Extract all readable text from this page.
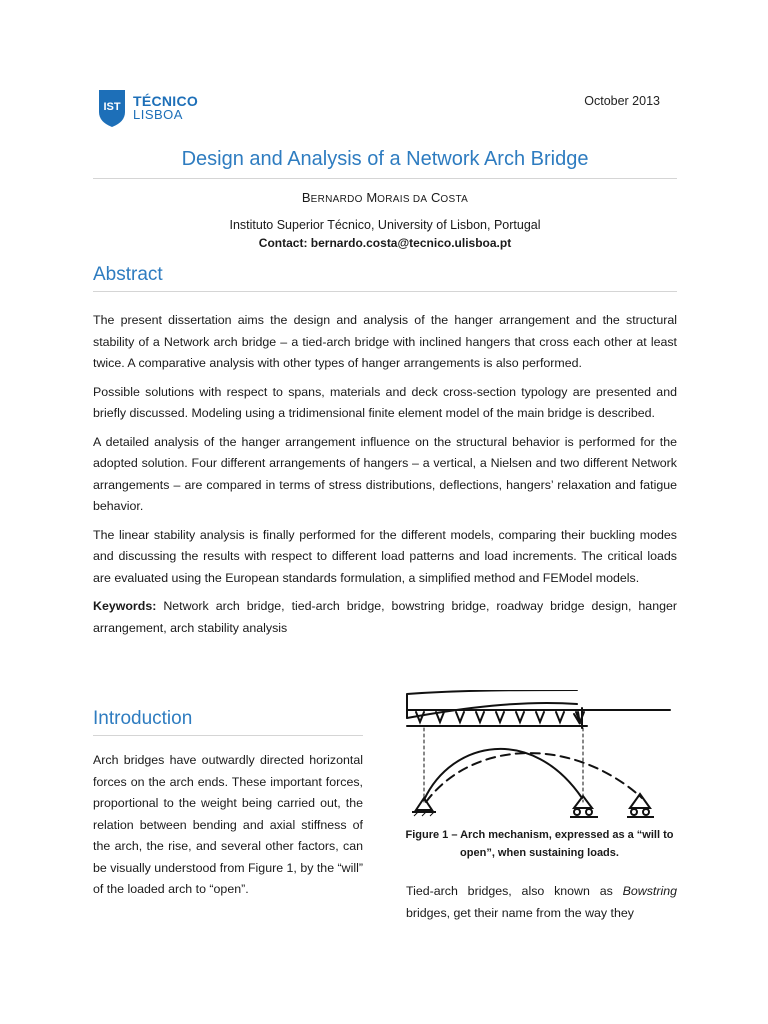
IST TÉCNICO
LISBOA
October 2013
Design and Analysis of a Network Arch Bridge
BERNARDO MORAIS DA COSTA
Instituto Superior Técnico, University of Lisbon, Portugal
Contact: bernardo.costa@tecnico.ulisboa.pt
Abstract

The present dissertation aims the design and analysis of the hanger arrangement and the structural stability of a Network arch bridge – a tied-arch bridge with inclined hangers that cross each other at least twice. A comparative analysis with other types of hanger arrangements is also performed.

Possible solutions with respect to spans, materials and deck cross-section typology are presented and briefly discussed. Modeling using a tridimensional finite element model of the main bridge is described.

A detailed analysis of the hanger arrangement influence on the structural behavior is performed for the adopted solution. Four different arrangements of hangers – a vertical, a Nielsen and two different Network arrangements – are compared in terms of stress distributions, deflections, hangers’ relaxation and fatigue behavior.

The linear stability analysis is finally performed for the different models, comparing their buckling modes and discussing the results with respect to different load patterns and load increments. The critical loads are evaluated using the European standards formulation, a simplified method and FEModel models.

Keywords: Network arch bridge, tied-arch bridge, bowstring bridge, roadway bridge design, hanger arrangement, arch stability analysis

Introduction

Arch bridges have outwardly directed horizontal forces on the arch ends. These important forces, proportional to the weight being carried out, the relation between bending and axial stiffness of the arch, the rise, and several other factors, can be visually understood from Figure 1, by the “will” of the loaded arch to “open”.

Figure 1 – Arch mechanism, expressed as a “will to open”, when sustaining loads.

Tied-arch bridges, also known as Bowstring bridges, get their name from the way they
